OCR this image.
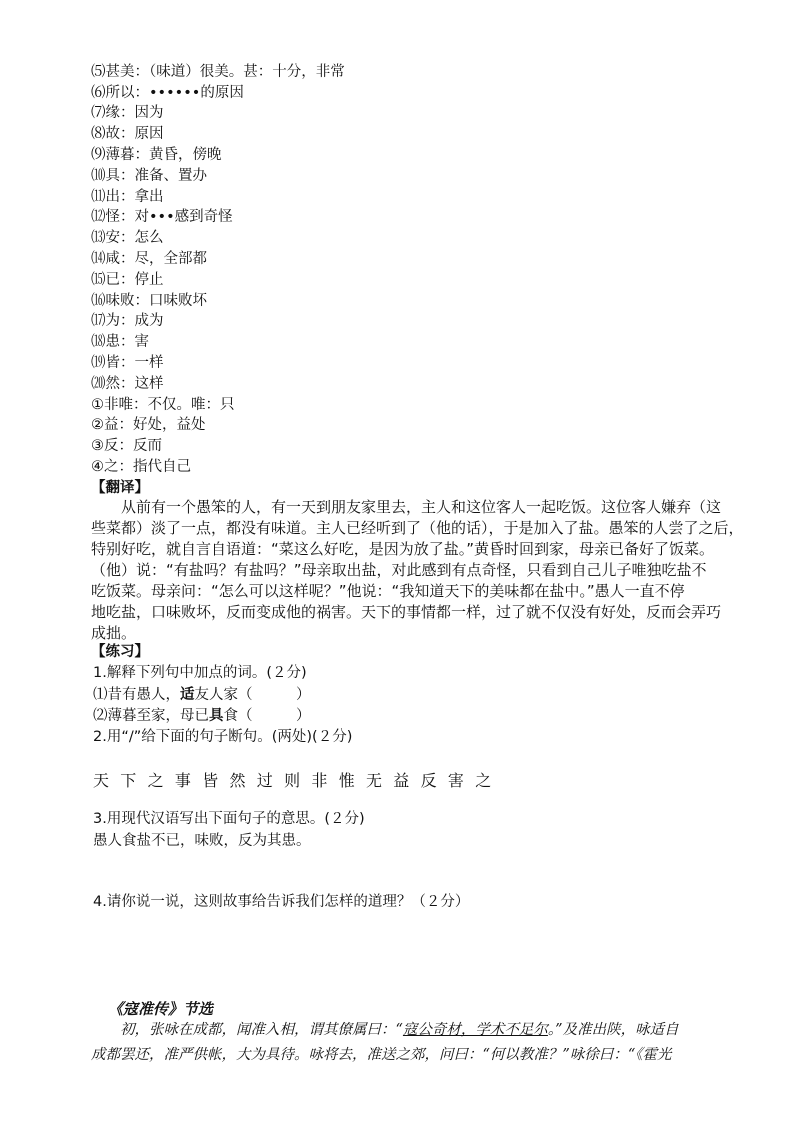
⑸甚美：（味道）很美。甚：十分，非常
⑹所以：••••••的原因
⑺缘：因为
⑻故：原因
⑼薄暮：黄昏，傍晚
⑽具：准备、置办
⑾出：拿出
⑿怪：对•••感到奇怪
⒀安：怎么
⒁咸：尽，全部都
⒂已：停止
⒃味败：口味败坏
⒄为：成为
⒅患：害
⒆皆：一样
⒇然：这样
①非唯：不仅。唯：只
②益：好处，益处
③反：反而
④之：指代自己
【翻译】
　　从前有一个愚笨的人，有一天到朋友家里去，主人和这位客人一起吃饭。这位客人嫌弃（这
些菜都）淡了一点，都没有味道。主人已经听到了（他的话），于是加入了盐。愚笨的人尝了之后，
特别好吃，就自言自语道：“菜这么好吃，是因为放了盐。”黄昏时回到家，母亲已备好了饭菜。
（他）说：“有盐吗？有盐吗？”母亲取出盐，对此感到有点奇怪，只看到自己儿子唯独吃盐不
吃饭菜。母亲问：“怎么可以这样呢？”他说：“我知道天下的美味都在盐中。”愚人一直不停
地吃盐，口味败坏，反而变成他的祸害。天下的事情都一样，过了就不仅没有好处，反而会弄巧
成拙。
【练习】
1.解释下列句中加点的词。(２分)
⑴昔有愚人，适友人家（　　　）
⑵薄暮至家，母已具食（　　　）
2.用“/”给下面的句子断句。(两处)(２分)
天下之事皆然过则非惟无益反害之
3.用现代汉语写出下面句子的意思。(２分)
愚人食盐不已，味败，反为其患。
4.请你说一说，这则故事给告诉我们怎样的道理？（２分）
《寇准传》节选
　　初，张咏在成都，闻准入相，谓其僚属曰：“寇公奇材，学术不足尔。”及准出陕，咏适自
成都罢还，准严供帐，大为具待。咏将去，准送之郊，问曰：“何以教准？”咏徐曰：“《霍光
